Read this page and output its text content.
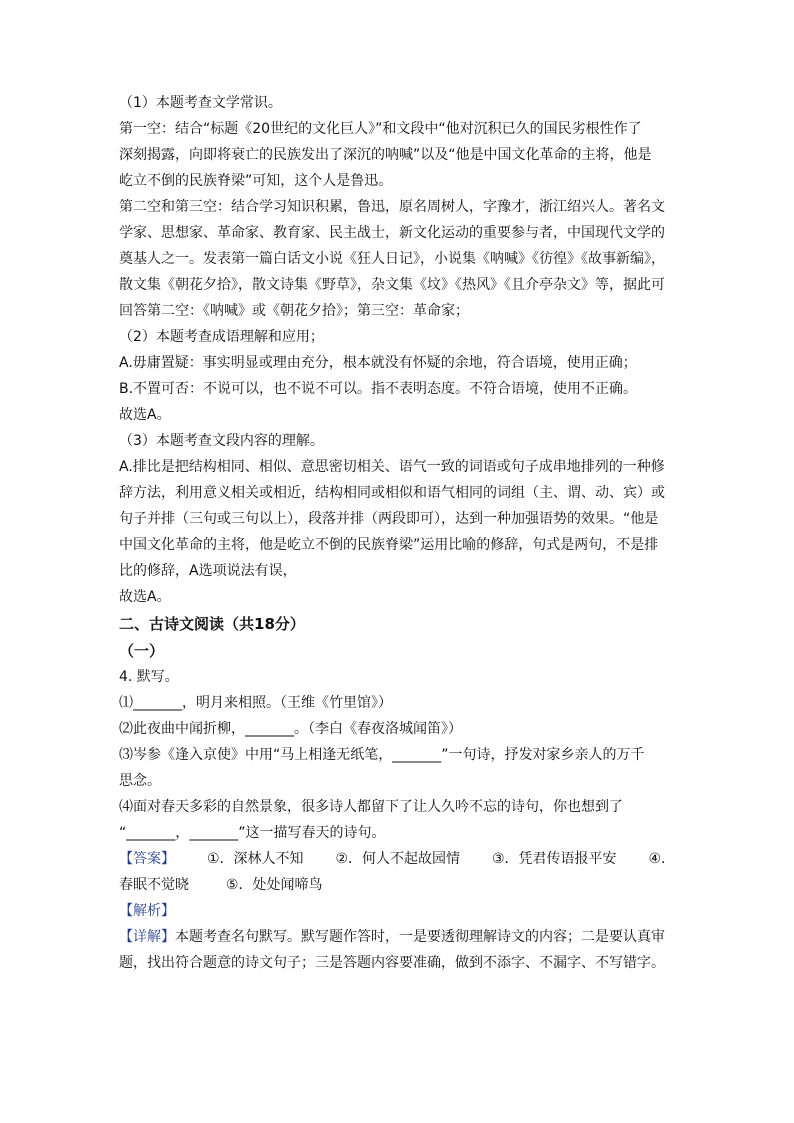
（1）本题考查文学常识。
第一空：结合“标题《20世纪的文化巨人》”和文段中“他对沉积已久的国民劣根性作了
深刻揭露，向即将衰亡的民族发出了深沉的呐喊”以及“他是中国文化革命的主将，他是
屹立不倒的民族脊梁”可知，这个人是鲁迅。
第二空和第三空：结合学习知识积累，鲁迅，原名周树人，字豫才，浙江绍兴人。著名文
学家、思想家、革命家、教育家、民主战士，新文化运动的重要参与者，中国现代文学的
奠基人之一。发表第一篇白话文小说《狂人日记》，小说集《呐喊》《彷徨》《故事新编》，
散文集《朝花夕拾》，散文诗集《野草》，杂文集《坟》《热风》《且介亭杂文》等，据此可
回答第二空：《呐喊》或《朝花夕拾》；第三空：革命家；
（2）本题考查成语理解和应用；
A.毋庸置疑：事实明显或理由充分，根本就没有怀疑的余地，符合语境，使用正确；
B.不置可否：不说可以，也不说不可以。指不表明态度。不符合语境，使用不正确。
故选A。
（3）本题考查文段内容的理解。
A.排比是把结构相同、相似、意思密切相关、语气一致的词语或句子成串地排列的一种修
辞方法，利用意义相关或相近，结构相同或相似和语气相同的词组（主、谓、动、宾）或
句子并排（三句或三句以上），段落并排（两段即可），达到一种加强语势的效果。“他是
中国文化革命的主将，他是屹立不倒的民族脊梁”运用比喻的修辞，句式是两句，不是排
比的修辞，A选项说法有误，
故选A。
二、古诗文阅读（共18分）
（一）
4. 默写。
⑴_______，明月来相照。（王维《竹里馆》）
⑵此夜曲中闻折柳，_______。（李白《春夜洛城闻笛》）
⑶岑参《逢入京使》中用“马上相逢无纸笔，_______”一句诗，抒发对家乡亲人的万千
思念。
⑷面对春天多彩的自然景象，很多诗人都留下了让人久吟不忘的诗句，你也想到了
“_______，_______”这一描写春天的诗句。
【答案】 ①．深林人不知 ②．何人不起故园情 ③．凭君传语报平安 ④．
春眠不觉晓	⑤．处处闻啼鸟
【解析】
【详解】本题考查名句默写。默写题作答时，一是要透彻理解诗文的内容；二是要认真审
题，找出符合题意的诗文句子；三是答题内容要准确，做到不添字、不漏字、不写错字。
